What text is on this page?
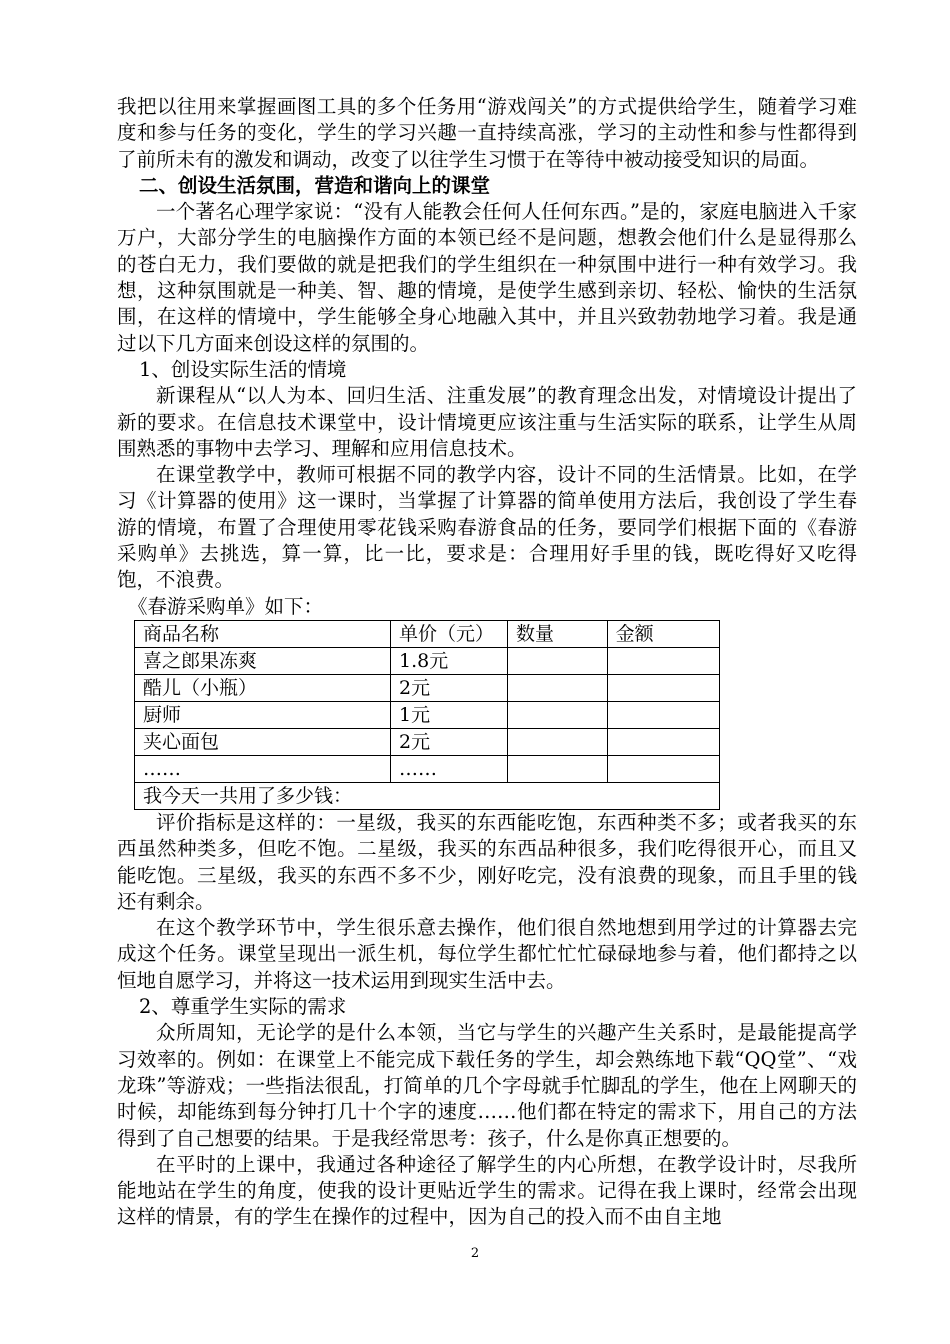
我把以往用来掌握画图工具的多个任务用“游戏闯关”的方式提供给学生，随着学习难度和参与任务的变化，学生的学习兴趣一直持续高涨，学习的主动性和参与性都得到了前所未有的激发和调动，改变了以往学生习惯于在等待中被动接受知识的局面。

二、创设生活氛围，营造和谐向上的课堂

一个著名心理学家说：“没有人能教会任何人任何东西。”是的，家庭电脑进入千家万户，大部分学生的电脑操作方面的本领已经不是问题，想教会他们什么是显得那么的苍白无力，我们要做的就是把我们的学生组织在一种氛围中进行一种有效学习。我想，这种氛围就是一种美、智、趣的情境，是使学生感到亲切、轻松、愉快的生活氛围，在这样的情境中，学生能够全身心地融入其中，并且兴致勃勃地学习着。我是通过以下几方面来创设这样的氛围的。

1、创设实际生活的情境

新课程从“以人为本、回归生活、注重发展”的教育理念出发，对情境设计提出了新的要求。在信息技术课堂中，设计情境更应该注重与生活实际的联系，让学生从周围熟悉的事物中去学习、理解和应用信息技术。

在课堂教学中，教师可根据不同的教学内容，设计不同的生活情景。比如，在学习《计算器的使用》这一课时，当掌握了计算器的简单使用方法后，我创设了学生春游的情境，布置了合理使用零花钱采购春游食品的任务，要同学们根据下面的《春游采购单》去挑选，算一算，比一比，要求是：合理用好手里的钱，既吃得好又吃得饱，不浪费。

《春游采购单》如下：

商品名称	单价（元）	数量	金额
喜之郎果冻爽	1.8元		
酷儿（小瓶）	2元		
厨师	1元		
夹心面包	2元		
……	……		
我今天一共用了多少钱：			

评价指标是这样的：一星级，我买的东西能吃饱，东西种类不多；或者我买的东西虽然种类多，但吃不饱。二星级，我买的东西品种很多，我们吃得很开心，而且又能吃饱。三星级，我买的东西不多不少，刚好吃完，没有浪费的现象，而且手里的钱还有剩余。

在这个教学环节中，学生很乐意去操作，他们很自然地想到用学过的计算器去完成这个任务。课堂呈现出一派生机，每位学生都忙忙忙碌碌地参与着，他们都持之以恒地自愿学习，并将这一技术运用到现实生活中去。

2、尊重学生实际的需求

众所周知，无论学的是什么本领，当它与学生的兴趣产生关系时，是最能提高学习效率的。例如：在课堂上不能完成下载任务的学生，却会熟练地下载“QQ堂”、“戏龙珠”等游戏；一些指法很乱，打简单的几个字母就手忙脚乱的学生，他在上网聊天的时候，却能练到每分钟打几十个字的速度……他们都在特定的需求下，用自己的方法得到了自己想要的结果。于是我经常思考：孩子，什么是你真正想要的。

在平时的上课中，我通过各种途径了解学生的内心所想，在教学设计时，尽我所能地站在学生的角度，使我的设计更贴近学生的需求。记得在我上课时，经常会出现这样的情景，有的学生在操作的过程中，因为自己的投入而不由自主地

2
